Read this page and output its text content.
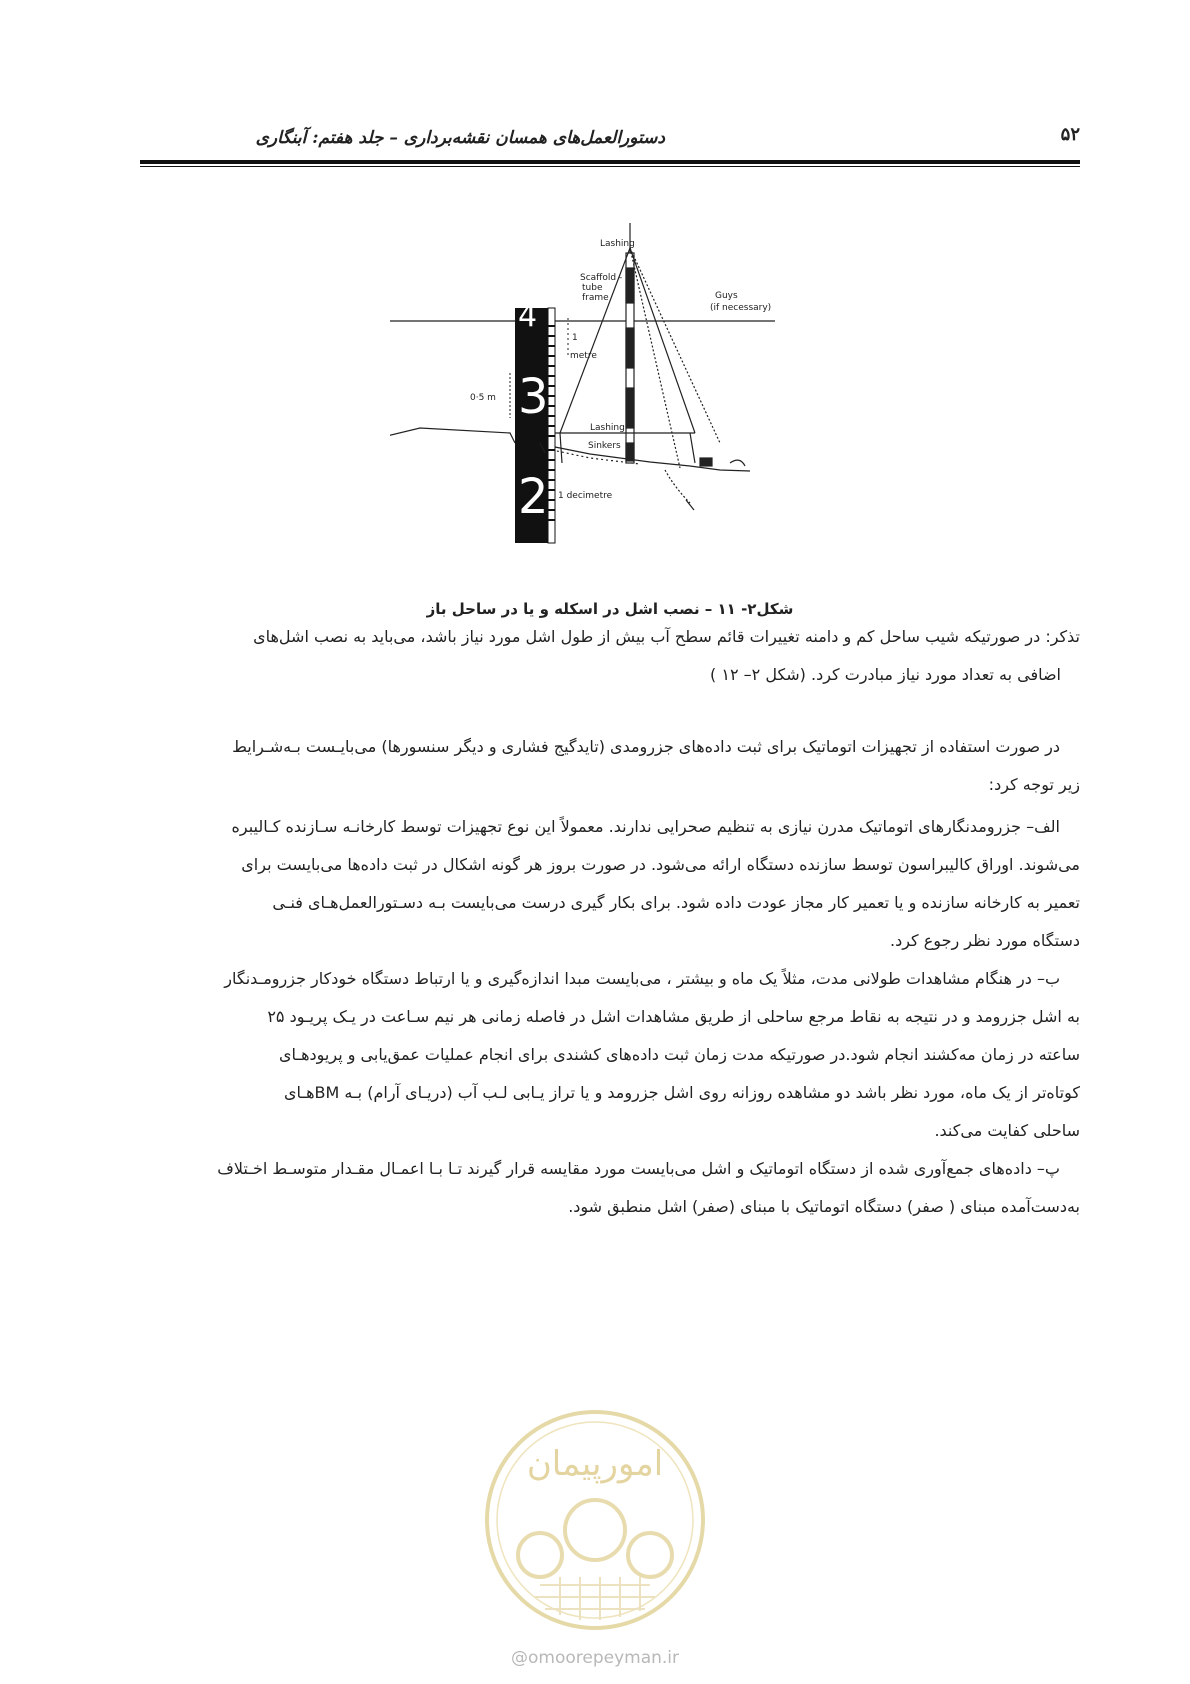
دستورالعمل‌های همسان نقشه‌برداری – جلد هفتم: آبنگاری	۵۲
4
3
2
Lashing
Scaffold -
tube
frame	Guys
(if necessary)
1
metre
0·5 m
Lashing
Sinkers
1 decimetre
شکل۲- ۱۱ – نصب اشل در اسکله و یا در ساحل باز
تذکر: در صورتیکه شیب ساحل کم و دامنه تغییرات قائم سطح آب بیش از طول اشل مورد نیاز باشد، می‌باید به نصب اشل‌های
اضافی به تعداد مورد نیاز مبادرت کرد. (شکل ۲– ۱۲ )
در صورت استفاده از تجهیزات اتوماتیک برای ثبت داده‌های جزرومدی (تایدگیج فشاری و دیگر سنسورها) می‌بایـست بـه‌شـرایط
زیر توجه کرد:
الف– جزرومدنگارهای اتوماتیک مدرن نیازی به تنظیم صحرایی ندارند. معمولاً این نوع تجهیزات توسط کارخانـه سـازنده کـالیبره
می‌شوند. اوراق کالیبراسون توسط سازنده دستگاه ارائه می‌شود. در صورت بروز هر گونه اشکال در ثبت داده‌ها می‌بایست برای
تعمیر به کارخانه سازنده و یا تعمیر کار مجاز عودت داده شود. برای بکار گیری درست می‌بایست بـه دسـتورالعمل‌هـای فنـی
دستگاه مورد نظر رجوع کرد.
ب– در هنگام مشاهدات طولانی مدت، مثلاً یک ماه و بیشتر ، می‌بایست مبدا اندازه‌گیری و یا ارتباط دستگاه خودکار جزرومـدنگار
به اشل جزرومد و در نتیجه به نقاط مرجع ساحلی از طریق مشاهدات اشل در فاصله زمانی هر نیم سـاعت در یـک پریـود ۲۵
ساعته در زمان مه‌کشند انجام شود.در صورتیکه مدت زمان ثبت داده‌های کشندی برای انجام عملیات عمق‌یابی و پریودهـای
کوتاه‌تر از یک ماه، مورد نظر باشد دو مشاهده روزانه روی اشل جزرومد و یا تراز یـابی لـب آب (دریـای آرام) بـه BMهـای
ساحلی کفایت می‌کند.
پ– داده‌های جمع‌آوری شده از دستگاه اتوماتیک و اشل می‌بایست مورد مقایسه قرار گیرند تـا بـا اعمـال مقـدار متوسـط اخـتلاف
به‌دست‌آمده مبنای ( صفر) دستگاه اتوماتیک با مبنای (صفر) اشل منطبق شود.
امورپیمان
@omoorepeyman.ir
